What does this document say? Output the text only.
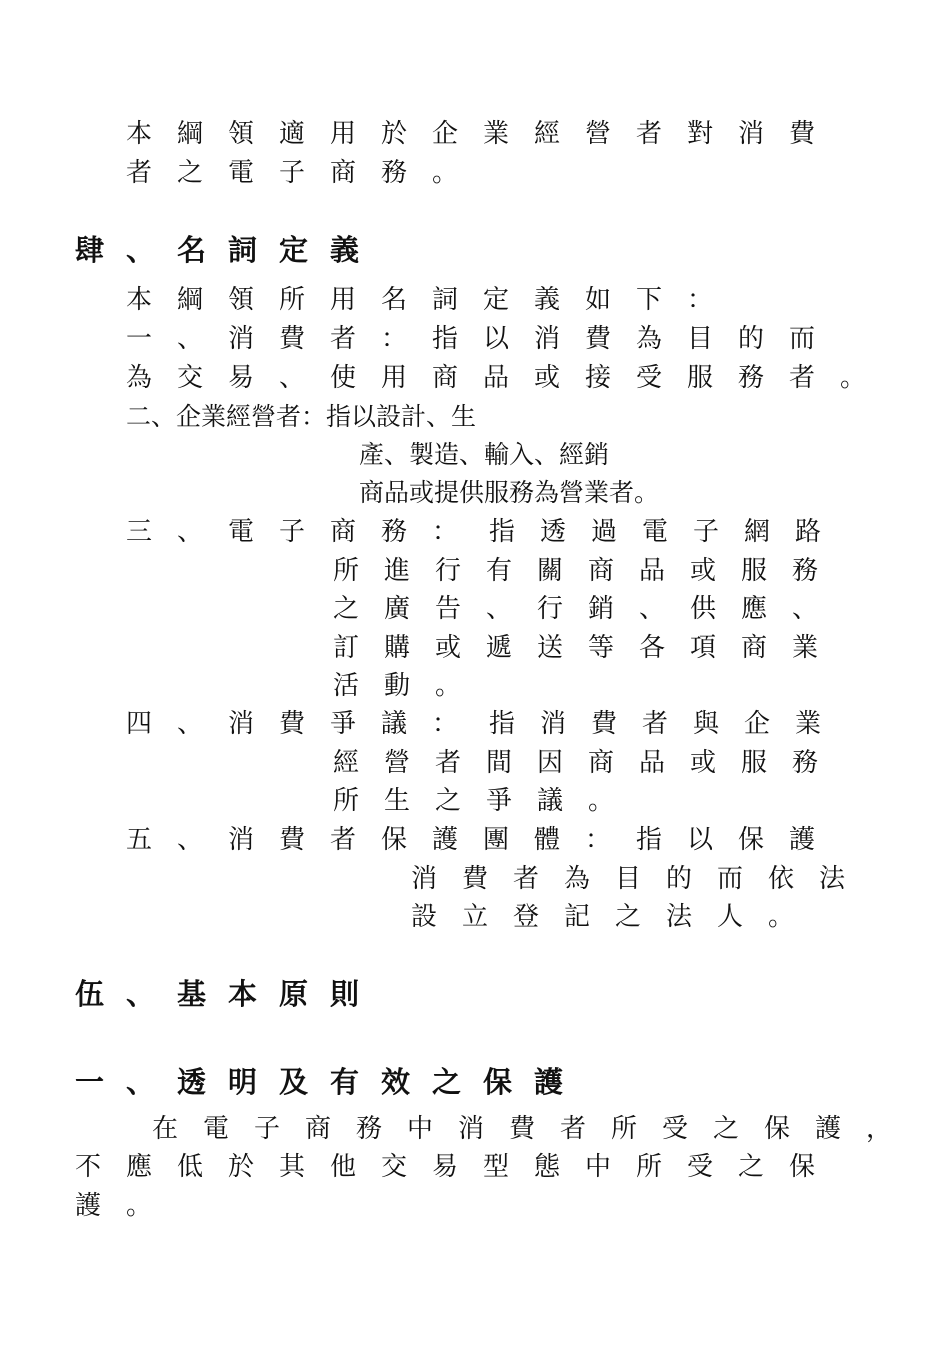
本綱領適用於企業經營者對消費
者之電子商務。
肆、名詞定義
本綱領所用名詞定義如下：
一、消費者：指以消費為目的而
為交易、使用商品或接受服務者。
二、企業經營者：指以設計、生
產、製造、輸入、經銷
商品或提供服務為營業者。
三、電子商務： 指透過電子網路
所進行有關商品或服務
之廣告、行銷、供應、
訂購或遞送等各項商業
活動。
四、消費爭議： 指消費者與企業
經營者間因商品或服務
所生之爭議。
五、消費者保護團體：指以保護
消費者為目的而依法
設立登記之法人。
伍、基本原則
一、透明及有效之保護
在電子商務中消費者所受之保護，
不應低於其他交易型態中所受之保
護。
